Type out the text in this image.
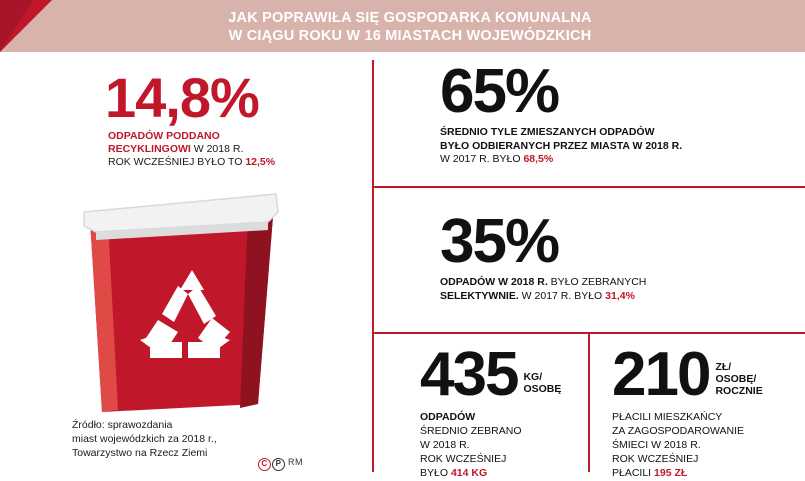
JAK POPRAWIŁA SIĘ GOSPODARKA KOMUNALNA
W CIĄGU ROKU W 16 MIASTACH WOJEWÓDZKICH
14,8%
ODPADÓW PODDANO
RECYKLINGOWI W 2018 R.
ROK WCZEŚNIEJ BYŁO TO 12,5%
Źródło: sprawozdania
miast wojewódzkich za 2018 r.,
Towarzystwo na Rzecz Ziemi
C P RM
65%
ŚREDNIO TYLE ZMIESZANYCH ODPADÓW
BYŁO ODBIERANYCH PRZEZ MIASTA W 2018 R.
W 2017 R. BYŁO 68,5%
35%
ODPADÓW W 2018 R. BYŁO ZEBRANYCH
SELEKTYWNIE. W 2017 R. BYŁO 31,4%
435 KG/
OSOBĘ
ODPADÓW
ŚREDNIO ZEBRANO
W 2018 R.
ROK WCZEŚNIEJ
BYŁO 414 KG
210 ZŁ/
OSOBĘ/
ROCZNIE
PŁACILI MIESZKAŃCY
ZA ZAGOSPODAROWANIE
ŚMIECI W 2018 R.
ROK WCZEŚNIEJ
PŁACILI 195 ZŁ
